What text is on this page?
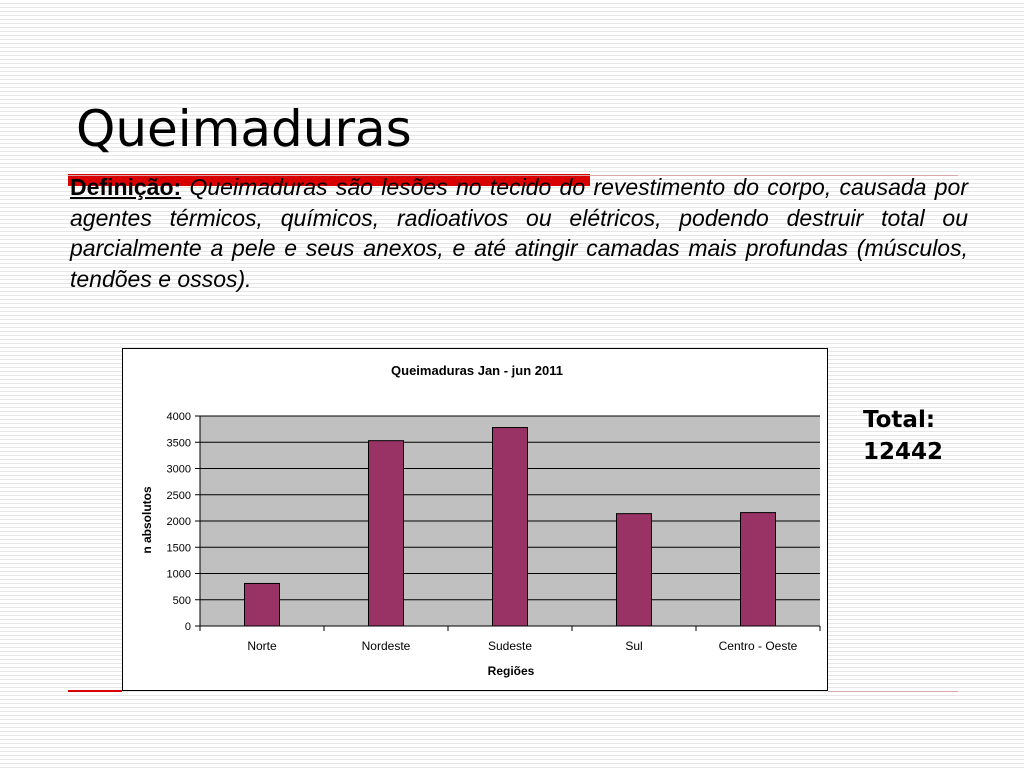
Queimaduras

Definição: Queimaduras são lesões no tecido do revestimento do corpo, causada por agentes térmicos, químicos, radioativos ou elétricos, podendo destruir total ou parcialmente a pele e seus anexos, e até atingir camadas mais profundas (músculos, tendões e ossos).

Queimaduras Jan - jun 2011
0
500
1000
1500
2000
2500
3000
3500
4000
Norte	Nordeste	Sudeste	Sul	Centro - Oeste
Regiões
n absolutos
Total:
12442
